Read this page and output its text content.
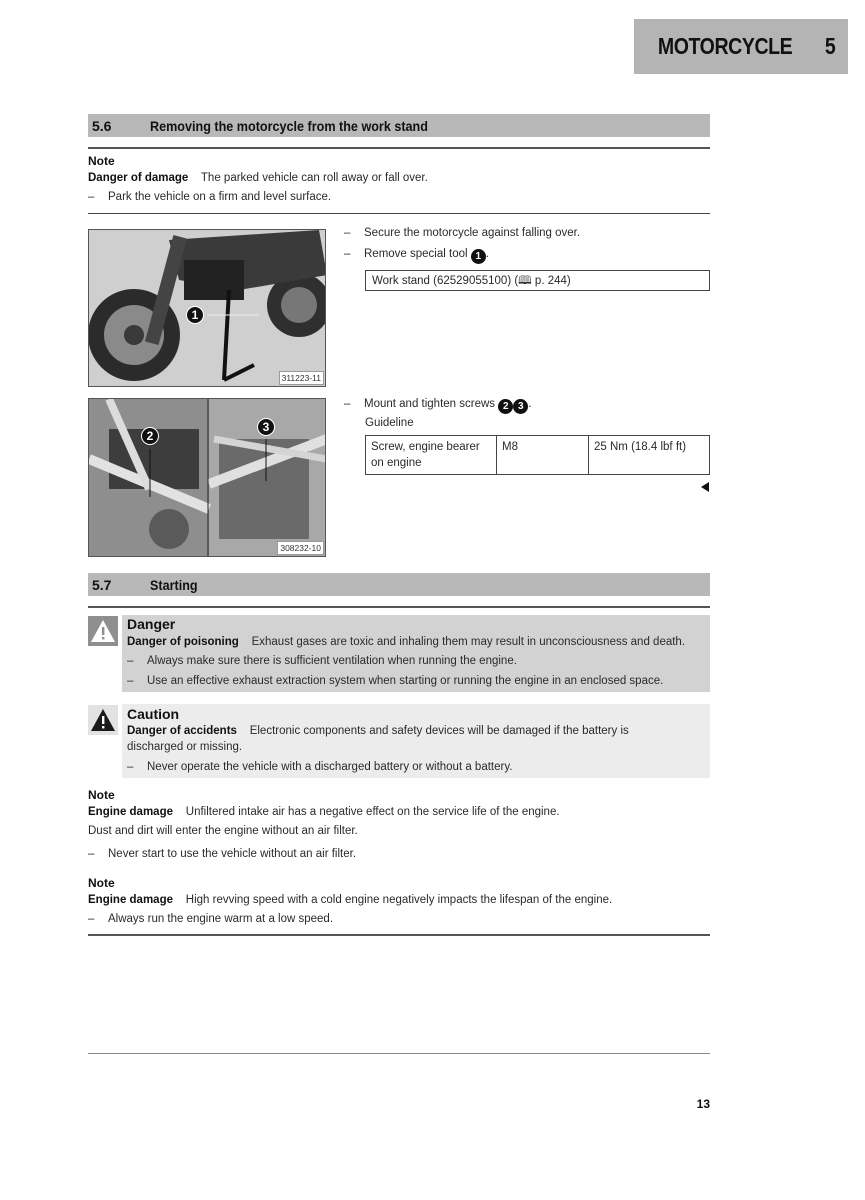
MOTORCYCLE 5
5.6	Removing the motorcycle from the work stand
Note
Danger of damage The parked vehicle can roll away or fall over.
– Park the vehicle on a firm and level surface.
1
311223-11
– Secure the motorcycle against falling over.
– Remove special tool 1 .
Work stand (62529055100) (🕮 p. 244)
2
3
308232-10
– Mount and tighten screws 2 3 .
Guideline
Screw, engine bearer on engine	M8	25 Nm (18.4 lbf ft)
5.7	Starting
Danger
Danger of poisoning Exhaust gases are toxic and inhaling them may result in unconsciousness and death.
– Always make sure there is sufficient ventilation when running the engine.
– Use an effective exhaust extraction system when starting or running the engine in an enclosed space.
Caution
Danger of accidents Electronic components and safety devices will be damaged if the battery is
discharged or missing.
– Never operate the vehicle with a discharged battery or without a battery.
Note
Engine damage Unfiltered intake air has a negative effect on the service life of the engine.
Dust and dirt will enter the engine without an air filter.
– Never start to use the vehicle without an air filter.
Note
Engine damage High revving speed with a cold engine negatively impacts the lifespan of the engine.
– Always run the engine warm at a low speed.
13
